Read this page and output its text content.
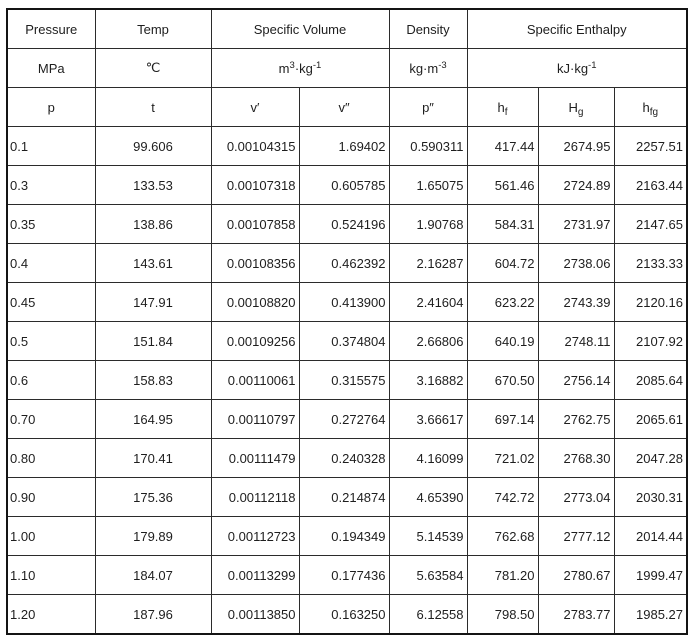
Pressure	Temp	Specific Volume		Density	Specific Enthalpy		
MPa	℃	$m^3\cdot kg^{-1}$		$kg\cdot m^{-3}$	$kJ\cdot kg^{-1}$
p	t	v′	v″	p″	$h_f$	$H_g$	$h_{fg}$
0.1	99.606	0.00104315	1.69402	0.590311	417.44	2674.95	2257.51
0.3	133.53	0.00107318	0.605785	1.65075	561.46	2724.89	2163.44
0.35	138.86	0.00107858	0.524196	1.90768	584.31	2731.97	2147.65
0.4	143.61	0.00108356	0.462392	2.16287	604.72	2738.06	2133.33
0.45	147.91	0.00108820	0.413900	2.41604	623.22	2743.39	2120.16
0.5	151.84	0.00109256	0.374804	2.66806	640.19	2748.11	2107.92
0.6	158.83	0.00110061	0.315575	3.16882	670.50	2756.14	2085.64
0.70	164.95	0.00110797	0.272764	3.66617	697.14	2762.75	2065.61
0.80	170.41	0.00111479	0.240328	4.16099	721.02	2768.30	2047.28
0.90	175.36	0.00112118	0.214874	4.65390	742.72	2773.04	2030.31
1.00	179.89	0.00112723	0.194349	5.14539	762.68	2777.12	2014.44
1.10	184.07	0.00113299	0.177436	5.63584	781.20	2780.67	1999.47
1.20	187.96	0.00113850	0.163250	6.12558	798.50	2783.77	1985.27
